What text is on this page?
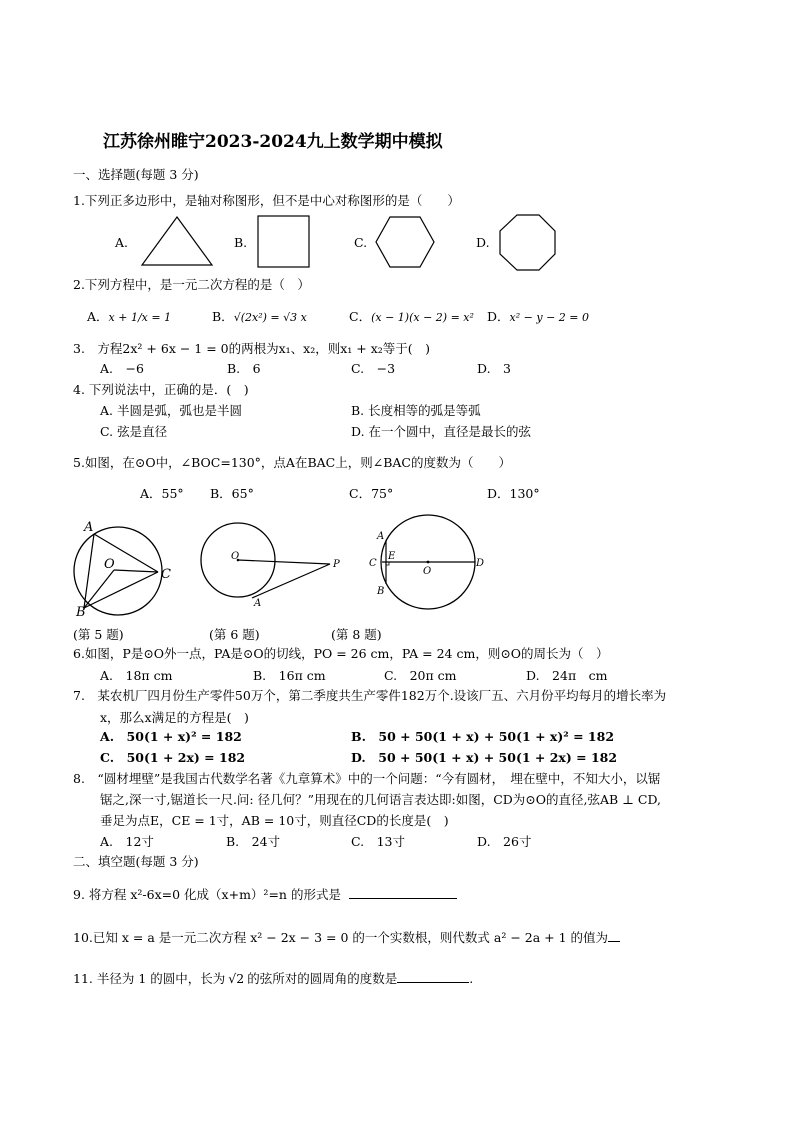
江苏徐州睢宁2023-2024九上数学期中模拟
一、选择题(每题 3 分)
1.下列正多边形中，是轴对称图形，但不是中心对称图形的是（　　）
A.	B.	C.	D.
2.下列方程中，是一元二次方程的是（　）
A．x + 1/x = 1	B．√(2x²) = √3 x	C．(x − 1)(x − 2) = x² D．x² − y − 2 = 0
3.　方程2x² + 6x − 1 = 0的两根为x₁、x₂，则x₁ + x₂等于(　)
A.　−6	B.　6	C.　−3	D.　3
4. 下列说法中，正确的是．(　)
A. 半圆是弧，弧也是半圆	B. 长度相等的弧是等弧
C. 弦是直径	D. 在一个圆中，直径是最长的弦
5.如图，在⊙O中，∠BOC=130°，点A在BAC上，则∠BAC的度数为（　　）
A．55° B．65°	C．75°	D．130°
A
B
C
O
(第 5 题)
O
P
A
(第 6 题)
A
B
C	D
E
O
(第 8 题)
6.如图，P是⊙O外一点，PA是⊙O的切线，PO = 26 cm，PA = 24 cm，则⊙O的周长为（　）
A.　18π cm	B.　16π cm	C.　20π cm	D.　24π　cm
7.　某农机厂四月份生产零件50万个，第二季度共生产零件182万个.设该厂五、六月份平均每月的增长率为
x，那么x满足的方程是(　)
A.　50(1 + x)² = 182	B.　50 + 50(1 + x) + 50(1 + x)² = 182
C.　50(1 + 2x) = 182	D.　50 + 50(1 + x) + 50(1 + 2x) = 182
8.　“圆材埋壁”是我国古代数学名著《九章算术》中的一个问题：“今有圆材，　埋在壁中，不知大小，以锯
锯之,深一寸,锯道长一尺.问: 径几何？”用现在的几何语言表达即:如图，CD为⊙O的直径,弦AB ⊥ CD,
垂足为点E，CE = 1寸，AB = 10寸，则直径CD的长度是(　)
A.　12寸	B.　24寸	C.　13寸	D.　26寸
二、填空题(每题 3 分)
9. 将方程 x²-6x=0 化成（x+m）²=n 的形式是
10.已知 x = a 是一元二次方程 x² − 2x − 3 = 0 的一个实数根，则代数式 a² − 2a + 1 的值为
11. 半径为 1 的圆中，长为 √2 的弦所对的圆周角的度数是	.
